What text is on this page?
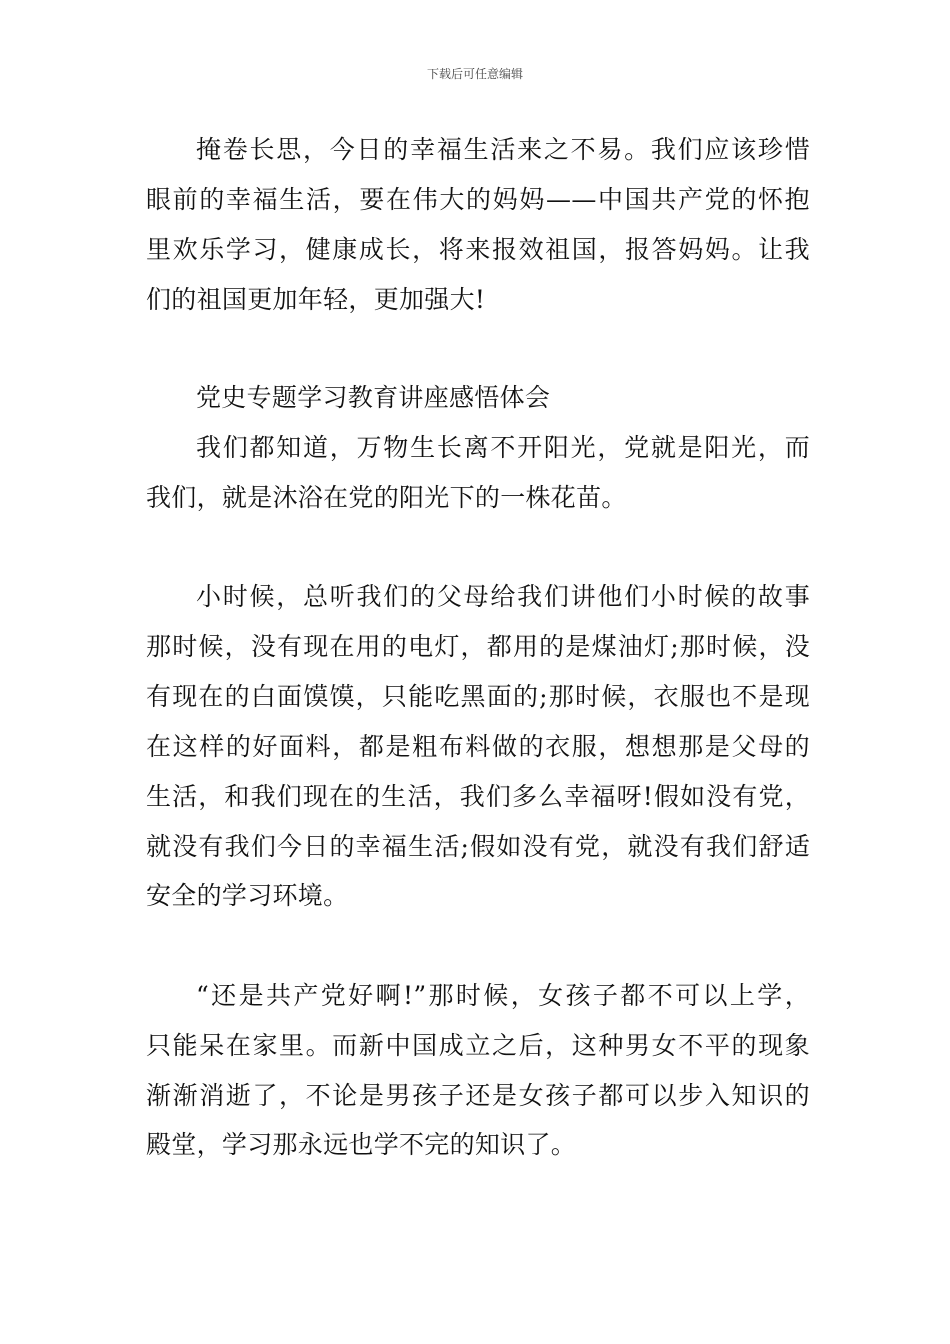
下载后可任意编辑
掩卷长思，今日的幸福生活来之不易。我们应该珍惜
眼前的幸福生活，要在伟大的妈妈——中国共产党的怀抱
里欢乐学习，健康成长，将来报效祖国，报答妈妈。让我
们的祖国更加年轻，更加强大!
党史专题学习教育讲座感悟体会
我们都知道，万物生长离不开阳光，党就是阳光，而
我们，就是沐浴在党的阳光下的一株花苗。
小时候，总听我们的父母给我们讲他们小时候的故事
那时候，没有现在用的电灯，都用的是煤油灯;那时候，没
有现在的白面馍馍，只能吃黑面的;那时候，衣服也不是现
在这样的好面料，都是粗布料做的衣服，想想那是父母的
生活，和我们现在的生活，我们多么幸福呀!假如没有党，
就没有我们今日的幸福生活;假如没有党，就没有我们舒适
安全的学习环境。
“还是共产党好啊!”那时候，女孩子都不可以上学，
只能呆在家里。而新中国成立之后，这种男女不平的现象
渐渐消逝了，不论是男孩子还是女孩子都可以步入知识的
殿堂，学习那永远也学不完的知识了。
